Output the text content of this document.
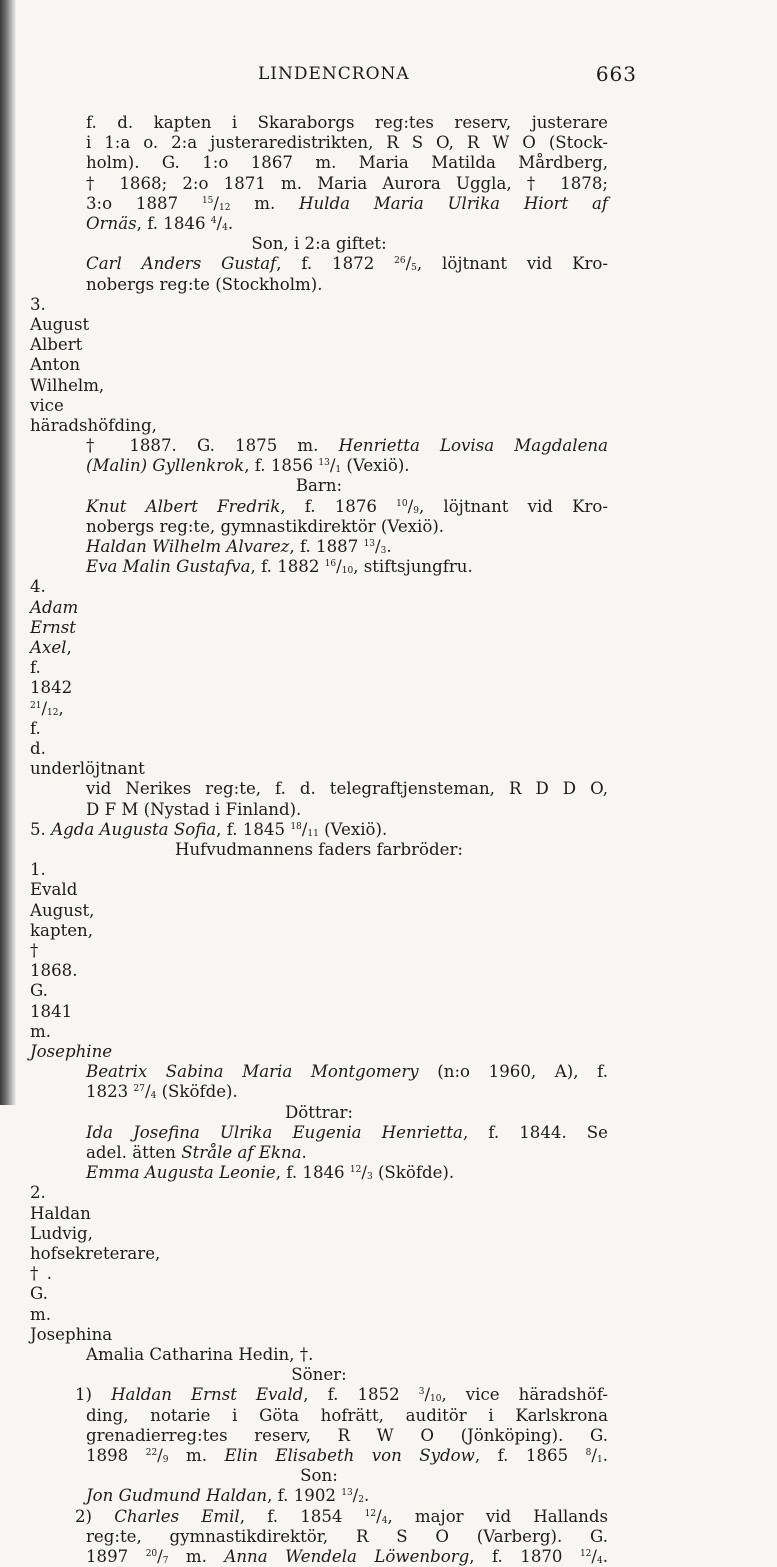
LINDENCRONA	663
f. d. kapten i Skaraborgs reg:tes reserv, justerare
i 1:a o. 2:a justeraredistrikten, R S O, R W O (Stock-
holm). G. 1:o 1867 m. Maria Matilda Mårdberg,
† 1868; 2:o 1871 m. Maria Aurora Uggla, † 1878;
3:o 1887 $^{15}/_{12}$ m. Hulda Maria Ulrika Hiort af
Ornäs, f. 1846 $^4/_4$.
Son, i 2:a giftet:
Carl Anders Gustaf, f. 1872 $^{26}/_5$, löjtnant vid Kro-
nobergs reg:te (Stockholm).
3. August Albert Anton Wilhelm, vice häradshöfding,
† 1887. G. 1875 m. Henrietta Lovisa Magdalena
(Malin) Gyllenkrok, f. 1856 $^{13}/_1$ (Vexiö).
Barn:
Knut Albert Fredrik, f. 1876 $^{10}/_9$, löjtnant vid Kro-
nobergs reg:te, gymnastikdirektör (Vexiö).
Haldan Wilhelm Alvarez, f. 1887 $^{13}/_3$.
Eva Malin Gustafva, f. 1882 $^{16}/_{10}$, stiftsjungfru.
4. Adam Ernst Axel, f. 1842 $^{21}/_{12}$, f. d. underlöjtnant
vid Nerikes reg:te, f. d. telegraftjensteman, R D D O,
D F M (Nystad i Finland).
5. Agda Augusta Sofia, f. 1845 $^{18}/_{11}$ (Vexiö).
Hufvudmannens faders farbröder:
1. Evald August, kapten, † 1868. G. 1841 m. Josephine
Beatrix Sabina Maria Montgomery (n:o 1960, A), f.
1823 $^{27}/_4$ (Sköfde).
Döttrar:
Ida Josefina Ulrika Eugenia Henrietta, f. 1844. Se
adel. ätten Stråle af Ekna.
Emma Augusta Leonie, f. 1846 $^{12}/_3$ (Sköfde).
2. Haldan Ludvig, hofsekreterare, †. G. m. Josephina
Amalia Catharina Hedin, †.
Söner:
1) Haldan Ernst Evald, f. 1852 $^3/_{10}$, vice häradshöf-
ding, notarie i Göta hofrätt, auditör i Karlskrona
grenadierreg:tes reserv, R W O (Jönköping). G.
1898 $^{22}/_9$ m. Elin Elisabeth von Sydow, f. 1865 $^8/_1$.
Son:
Jon Gudmund Haldan, f. 1902 $^{13}/_2$.
2) Charles Emil, f. 1854 $^{12}/_4$, major vid Hallands
reg:te, gymnastikdirektör, R S O (Varberg). G.
1897 $^{20}/_7$ m. Anna Wendela Löwenborg, f. 1870 $^{12}/_4$.
